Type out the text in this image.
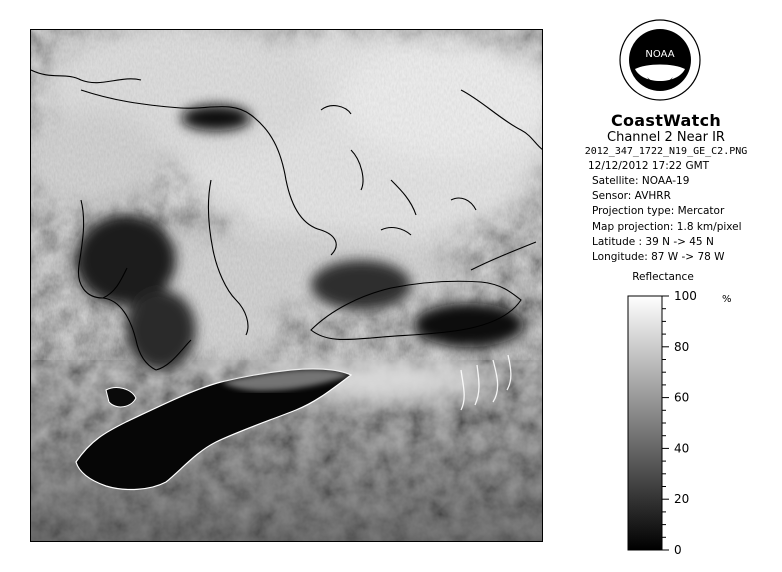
NOAA

CoastWatch

Channel 2 Near IR

2012_347_1722_N19_GE_C2.PNG

12/12/2012 17:22 GMT

Satellite: NOAA-19

Sensor: AVHRR

Projection type: Mercator

Map projection: 1.8 km/pixel

Latitude : 39 N -> 45 N

Longitude: 87 W -> 78 W

Reflectance
100
80
60
40
20
0
%
